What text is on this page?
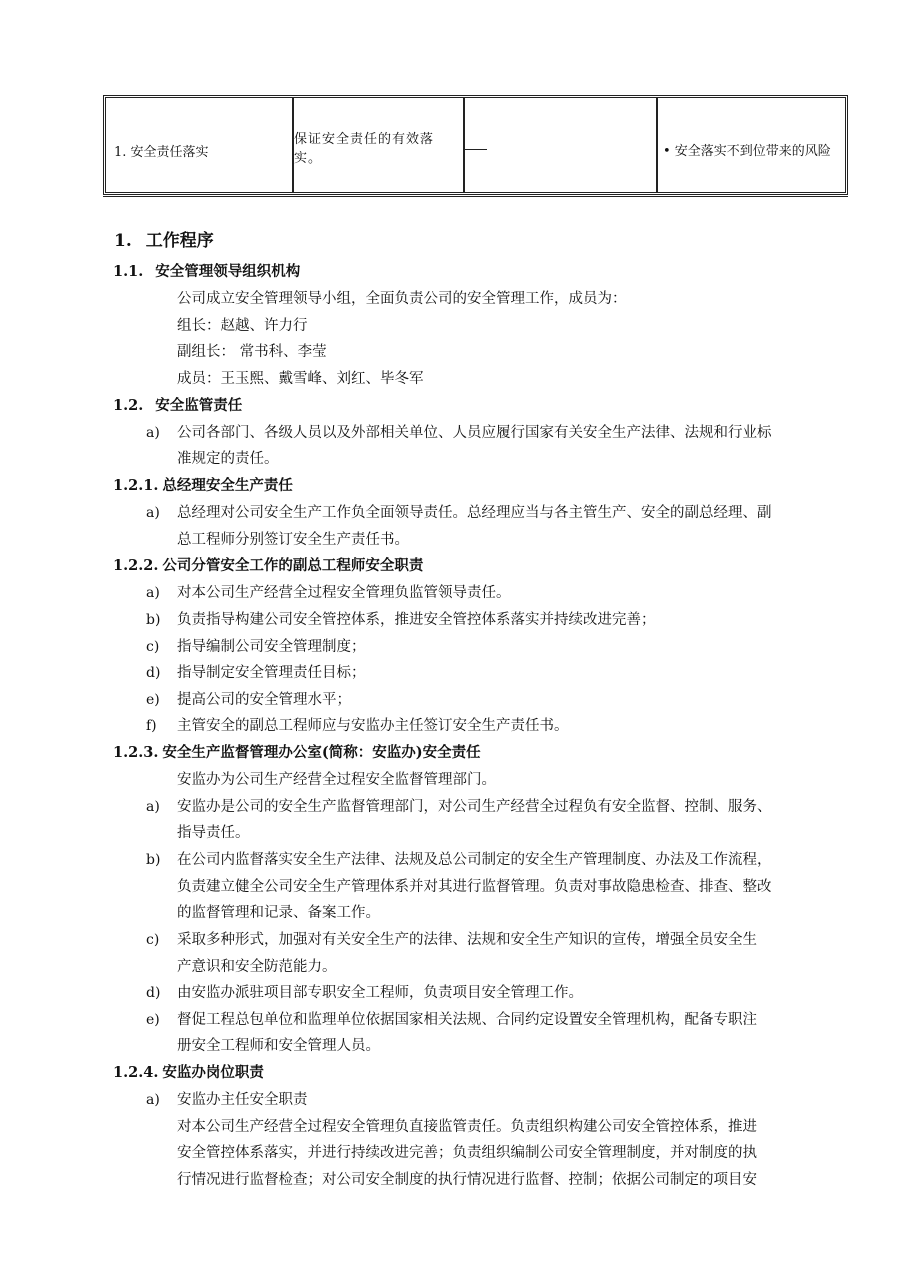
1. 安全责任落实
保证安全责任的有效落实。	• 安全落实不到位带来的风险
1. 工作程序
1.1. 安全管理领导组织机构
公司成立安全管理领导小组，全面负责公司的安全管理工作，成员为：
组长：赵越、许力行
副组长： 常书科、李莹
成员：王玉熙、戴雪峰、刘红、毕冬军
1.2. 安全监管责任
a) 公司各部门、各级人员以及外部相关单位、人员应履行国家有关安全生产法律、法规和行业标
准规定的责任。
1.2.1. 总经理安全生产责任
a) 总经理对公司安全生产工作负全面领导责任。总经理应当与各主管生产、安全的副总经理、副
总工程师分别签订安全生产责任书。
1.2.2. 公司分管安全工作的副总工程师安全职责
a) 对本公司生产经营全过程安全管理负监管领导责任。
b) 负责指导构建公司安全管控体系，推进安全管控体系落实并持续改进完善；
c) 指导编制公司安全管理制度；
d) 指导制定安全管理责任目标；
e) 提高公司的安全管理水平；
f) 主管安全的副总工程师应与安监办主任签订安全生产责任书。
1.2.3. 安全生产监督管理办公室(简称：安监办)安全责任
安监办为公司生产经营全过程安全监督管理部门。
a) 安监办是公司的安全生产监督管理部门，对公司生产经营全过程负有安全监督、控制、服务、
指导责任。
b) 在公司内监督落实安全生产法律、法规及总公司制定的安全生产管理制度、办法及工作流程，
负责建立健全公司安全生产管理体系并对其进行监督管理。负责对事故隐患检查、排查、整改
的监督管理和记录、备案工作。
c) 采取多种形式，加强对有关安全生产的法律、法规和安全生产知识的宣传，增强全员安全生
产意识和安全防范能力。
d) 由安监办派驻项目部专职安全工程师，负责项目安全管理工作。
e) 督促工程总包单位和监理单位依据国家相关法规、合同约定设置安全管理机构，配备专职注
册安全工程师和安全管理人员。
1.2.4. 安监办岗位职责
a) 安监办主任安全职责
对本公司生产经营全过程安全管理负直接监管责任。负责组织构建公司安全管控体系，推进
安全管控体系落实，并进行持续改进完善；负责组织编制公司安全管理制度，并对制度的执
行情况进行监督检查；对公司安全制度的执行情况进行监督、控制；依据公司制定的项目安
